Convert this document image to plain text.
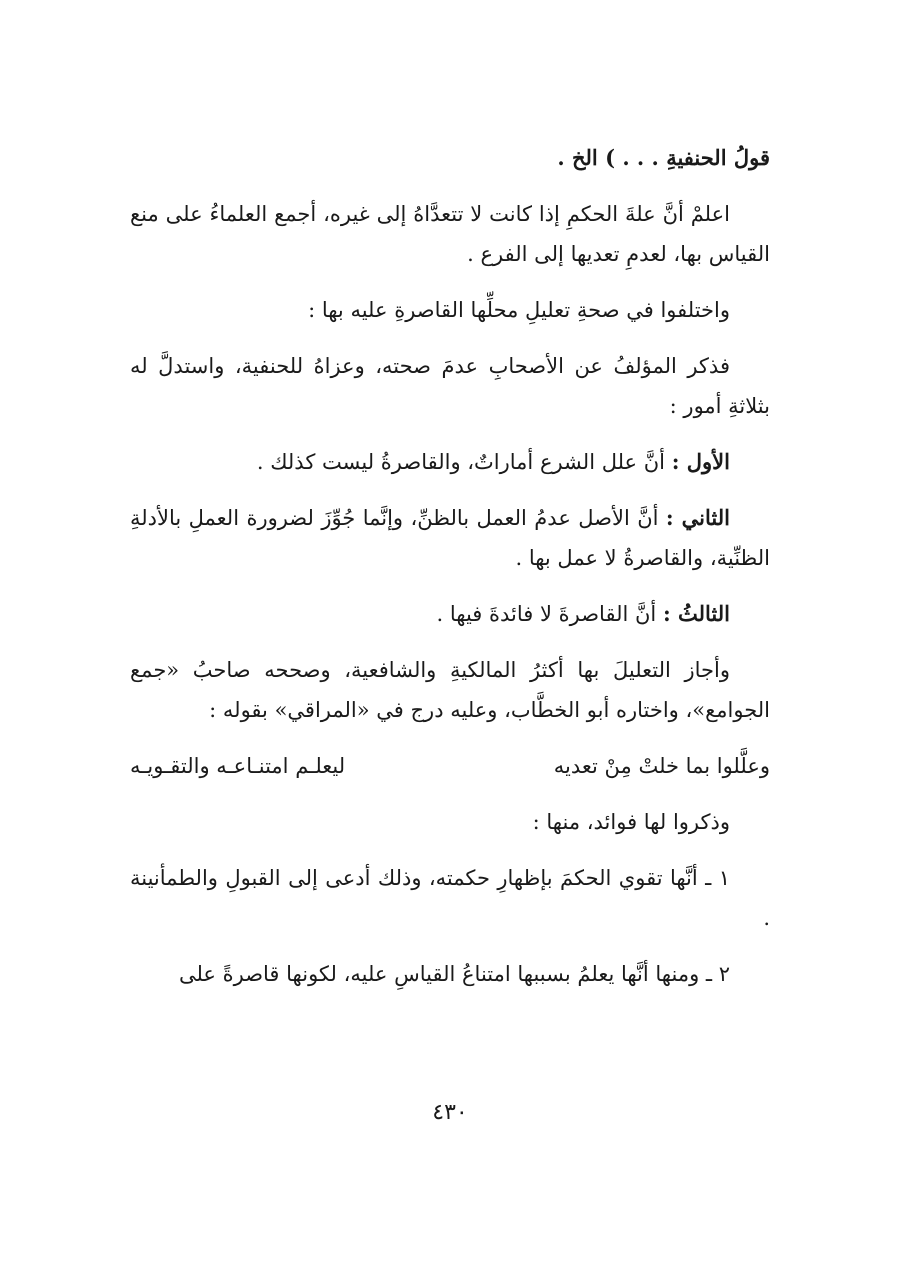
قولُ الحنفيةِ . . . ) الخ .

اعلمْ أنَّ علةَ الحكمِ إذا كانت لا تتعدَّاهُ إلى غيره، أجمع العلماءُ على منع القياس بها، لعدمِ تعديها إلى الفرع .

واختلفوا في صحةِ تعليلِ محلِّها القاصرةِ عليه بها :

فذكر المؤلفُ عن الأصحابِ عدمَ صحته، وعزاهُ للحنفية، واستدلَّ له بثلاثةِ أمور :

الأول : أنَّ علل الشرع أماراتٌ، والقاصرةُ ليست كذلك .

الثاني : أنَّ الأصل عدمُ العمل بالظنِّ، وإنَّما جُوِّزَ لضرورة العملِ بالأدلةِ الظنِّية، والقاصرةُ لا عمل بها .

الثالثُ : أنَّ القاصرةَ لا فائدةَ فيها .

وأجاز التعليلَ بها أكثرُ المالكيةِ والشافعية، وصححه صاحبُ «جمع الجوامع»، واختاره أبو الخطَّاب، وعليه درج في «المراقي» بقوله :

وعلَّلوا بما خلتْ مِنْ تعديه
ليعلـم امتنـاعـه والتقـويـه

وذكروا لها فوائد، منها :

١ ـ أنَّها تقوي الحكمَ بإظهارِ حكمته، وذلك أدعى إلى القبولِ والطمأنينة .

٢ ـ ومنها أنَّها يعلمُ بسببها امتناعُ القياسِ عليه، لكونها قاصرةً على

٤٣٠
